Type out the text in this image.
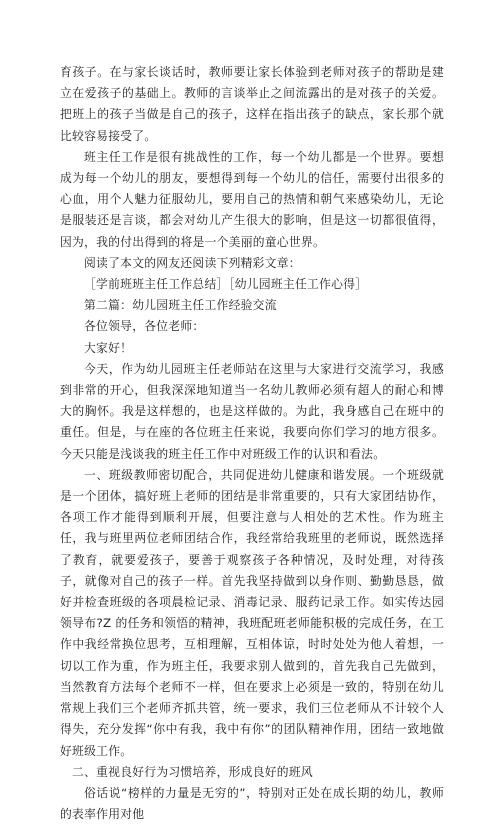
育孩子。在与家长谈话时，教师要让家长体验到老师对孩子的帮助是建立在爱孩子的基础上。教师的言谈举止之间流露出的是对孩子的关爱。把班上的孩子当做是自己的孩子，这样在指出孩子的缺点，家长那个就比较容易接受了。

班主任工作是很有挑战性的工作，每一个幼儿都是一个世界。要想成为每一个幼儿的朋友，要想得到每一个幼儿的信任，需要付出很多的心血，用个人魅力征服幼儿，要用自己的热情和朝气来感染幼儿，无论是服装还是言谈，都会对幼儿产生很大的影响，但是这一切都很值得，因为，我的付出得到的将是一个美丽的童心世界。

阅读了本文的网友还阅读下列精彩文章：

［学前班班主任工作总结］［幼儿园班主任工作心得］

第二篇：幼儿园班主任工作经验交流

各位领导，各位老师：

大家好！

今天，作为幼儿园班主任老师站在这里与大家进行交流学习，我感到非常的开心，但我深深地知道当一名幼儿教师必须有超人的耐心和博大的胸怀。我是这样想的，也是这样做的。为此，我身感自己在班中的重任。但是，与在座的各位班主任来说，我要向你们学习的地方很多。今天只能是浅谈我的班主任工作中对班级工作的认识和看法。

一、班级教师密切配合，共同促进幼儿健康和谐发展。一个班级就是一个团体，搞好班上老师的团结是非常重要的，只有大家团结协作，各项工作才能得到顺利开展，但要注意与人相处的艺术性。作为班主任，我与班里两位老师团结合作，我经常给我班里的老师说，既然选择了教育，就要爱孩子，要善于观察孩子各种情况，及时处理，对待孩子，就像对自己的孩子一样。首先我坚持做到以身作则、勤勤恳恳，做好并检查班级的各项晨检记录、消毒记录、服药记录工作。如实传达园领导布?Z 的任务和领悟的精神，我班配班老师能积极的完成任务，在工作中我经常换位思考，互相理解，互相体谅，时时处处为他人着想，一切以工作为重，作为班主任，我要求别人做到的，首先我自己先做到，当然教育方法每个老师不一样，但在要求上必须是一致的，特别在幼儿常规上我们三个老师齐抓共管，统一要求，我们三位老师从不计较个人得失，充分发挥“你中有我，我中有你”的团队精神作用，团结一致地做好班级工作。

二、重视良好行为习惯培养，形成良好的班风

俗话说“榜样的力量是无穷的”，特别对正处在成长期的幼儿，教师的表率作用对他
